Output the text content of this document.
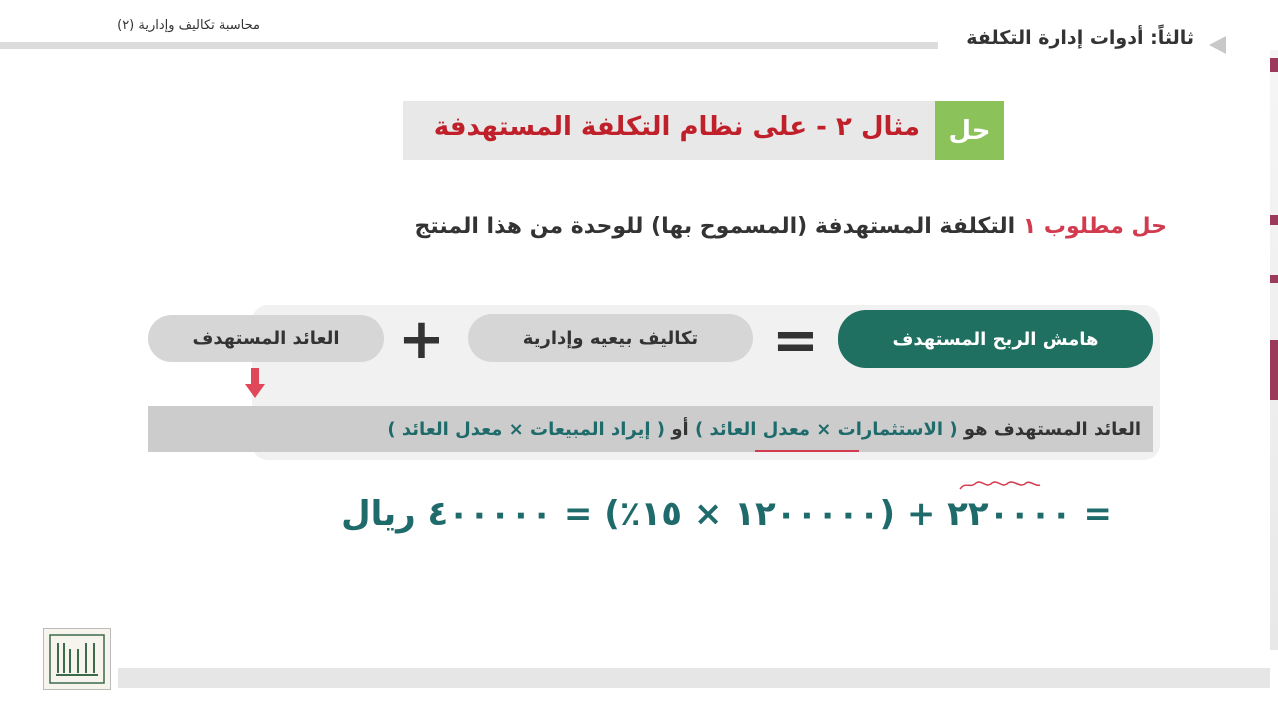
محاسبة تكاليف وإدارية (٢)
ثالثاً: أدوات إدارة التكلفة
حل
مثال ٢ - على نظام التكلفة المستهدفة
حل مطلوب ١ التكلفة المستهدفة (المسموح بها) للوحدة من هذا المنتج
هامش الربح المستهدف
=
تكاليف بيعيه وإدارية
+
العائد المستهدف
العائد المستهدف هو ( الاستثمارات × معدل العائد ) أو ( إيراد المبيعات × معدل العائد )
= ٢٢٠٠٠٠ + (١٢٠٠٠٠٠ × ١٥٪) = ٤٠٠٠٠٠ ريال
